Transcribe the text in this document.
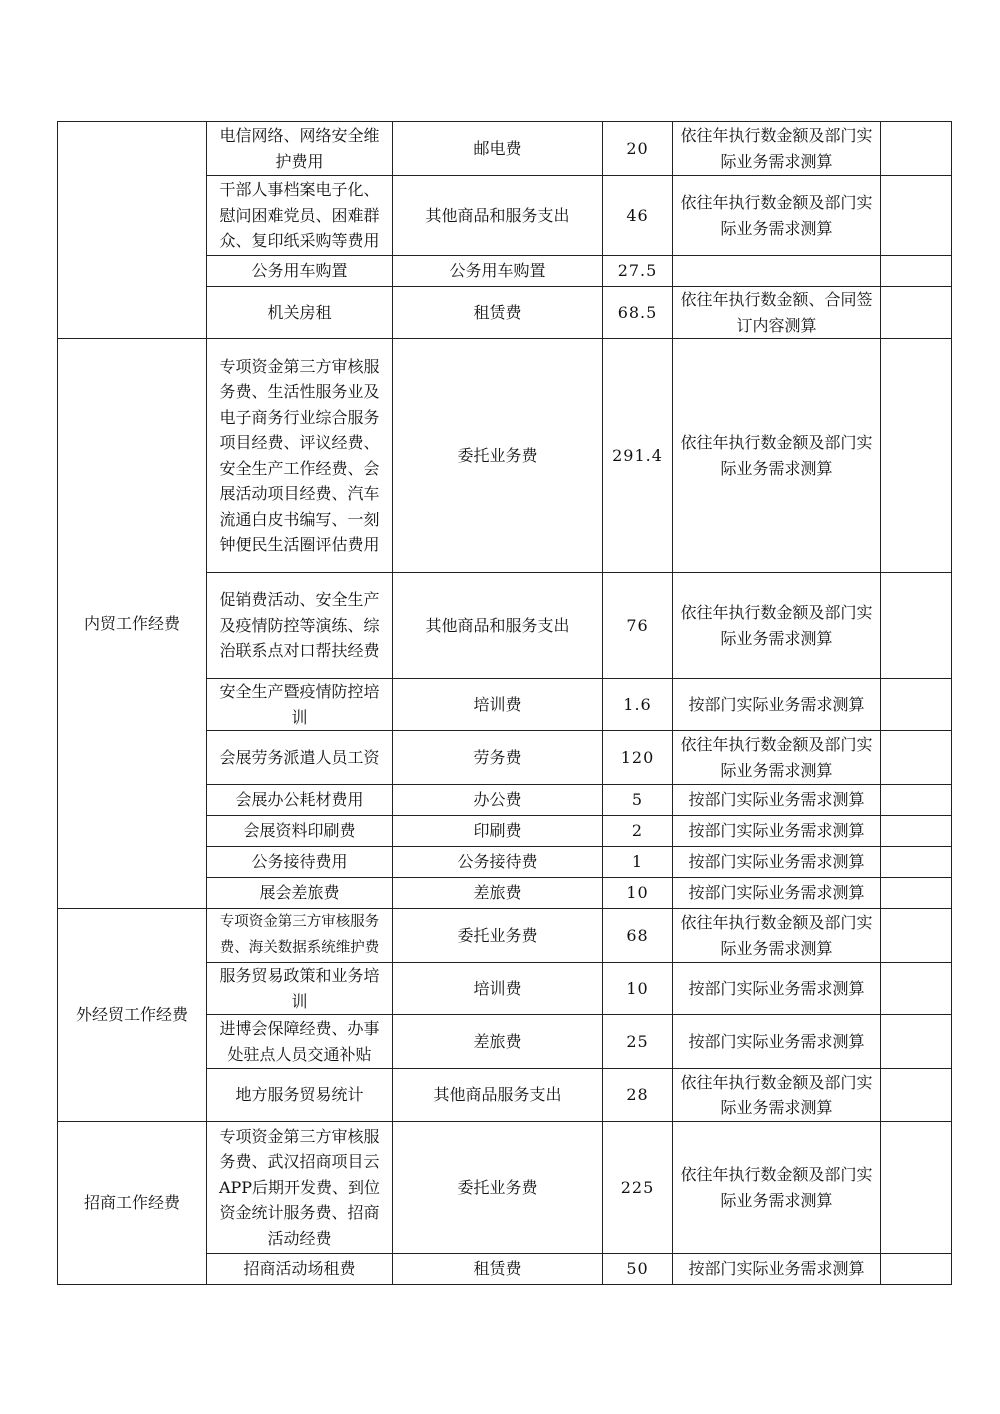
	电信网络、网络安全维护费用	邮电费	20	依往年执行数金额及部门实际业务需求测算	
	干部人事档案电子化、慰问困难党员、困难群众、复印纸采购等费用	其他商品和服务支出	46	依往年执行数金额及部门实际业务需求测算	
	公务用车购置	公务用车购置	27.5		
	机关房租	租赁费	68.5	依往年执行数金额、合同签订内容测算	
内贸工作经费	专项资金第三方审核服务费、生活性服务业及电子商务行业综合服务项目经费、评议经费、安全生产工作经费、会展活动项目经费、汽车流通白皮书编写、一刻钟便民生活圈评估费用	委托业务费	291.4	依往年执行数金额及部门实际业务需求测算	
	促销费活动、安全生产及疫情防控等演练、综治联系点对口帮扶经费	其他商品和服务支出	76	依往年执行数金额及部门实际业务需求测算	
	安全生产暨疫情防控培训	培训费	1.6	按部门实际业务需求测算	
	会展劳务派遣人员工资	劳务费	120	依往年执行数金额及部门实际业务需求测算	
	会展办公耗材费用	办公费	5	按部门实际业务需求测算	
	会展资料印刷费	印刷费	2	按部门实际业务需求测算	
	公务接待费用	公务接待费	1	按部门实际业务需求测算	
	展会差旅费	差旅费	10	按部门实际业务需求测算	
外经贸工作经费	专项资金第三方审核服务费、海关数据系统维护费	委托业务费	68	依往年执行数金额及部门实际业务需求测算	
	服务贸易政策和业务培训	培训费	10	按部门实际业务需求测算	
	进博会保障经费、办事处驻点人员交通补贴	差旅费	25	按部门实际业务需求测算	
	地方服务贸易统计	其他商品服务支出	28	依往年执行数金额及部门实际业务需求测算	
招商工作经费	专项资金第三方审核服务费、武汉招商项目云APP后期开发费、到位资金统计服务费、招商活动经费	委托业务费	225	依往年执行数金额及部门实际业务需求测算	
	招商活动场租费	租赁费	50	按部门实际业务需求测算	
